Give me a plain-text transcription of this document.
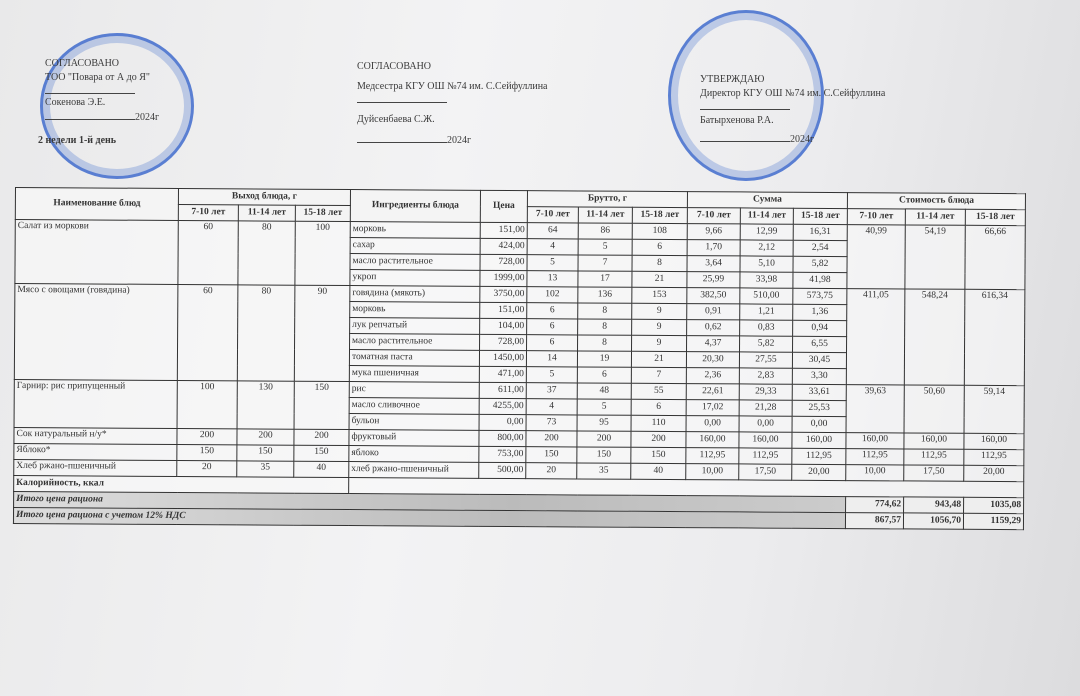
СОГЛАСОВАНО
ТОО "Повара от А до Я"
Сокенова Э.Е.
2024г
2 недели 1-й день
СОГЛАСОВАНО
Медсестра КГУ ОШ №74 им. С.Сейфуллина
Дуйсенбаева С.Ж.
2024г
УТВЕРЖДАЮ
Директор КГУ ОШ №74 им. С.Сейфуллина
Батырхенова Р.А.
2024г
Наименование блюд	Выход блюда, г			Ингредиенты блюда	Цена	Брутто, г			Сумма			Стоимость блюда		
	7-10 лет	11-14 лет	15-18 лет			7-10 лет	11-14 лет	15-18 лет	7-10 лет	11-14 лет	15-18 лет	7-10 лет	11-14 лет	15-18 лет
Салат из моркови	60	80	100	морковь	151,00	64	86	108	9,66	12,99	16,31	40,99	54,19	66,66
				сахар	424,00	4	5	6	1,70	2,12	2,54			
				масло растительное	728,00	5	7	8	3,64	5,10	5,82			
				укроп	1999,00	13	17	21	25,99	33,98	41,98			
Мясо с овощами (говядина)	60	80	90	говядина (мякоть)	3750,00	102	136	153	382,50	510,00	573,75	411,05	548,24	616,34
				морковь	151,00	6	8	9	0,91	1,21	1,36			
				лук репчатый	104,00	6	8	9	0,62	0,83	0,94			
				масло растительное	728,00	6	8	9	4,37	5,82	6,55			
				томатная паста	1450,00	14	19	21	20,30	27,55	30,45			
				мука пшеничная	471,00	5	6	7	2,36	2,83	3,30			
Гарнир: рис припущенный	100	130	150	рис	611,00	37	48	55	22,61	29,33	33,61	39,63	50,60	59,14
				масло сливочное	4255,00	4	5	6	17,02	21,28	25,53			
				бульон	0,00	73	95	110	0,00	0,00	0,00			
Сок натуральный н/у*	200	200	200	фруктовый	800,00	200	200	200	160,00	160,00	160,00	160,00	160,00	160,00
Яблоко*	150	150	150	яблоко	753,00	150	150	150	112,95	112,95	112,95	112,95	112,95	112,95
Хлеб ржано-пшеничный	20	35	40	хлеб ржано-пшеничный	500,00	20	35	40	10,00	17,50	20,00	10,00	17,50	20,00
Калорийность, ккал														
Итого цена рациона												774,62	943,48	1035,08
Итого цена рациона с учетом 12% НДС												867,57	1056,70	1159,29
